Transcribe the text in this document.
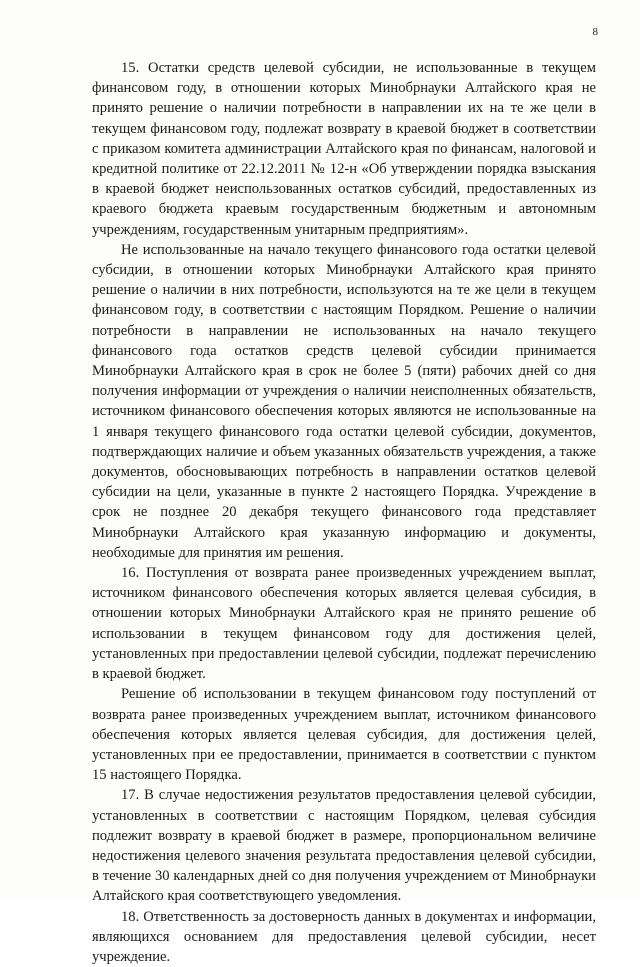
8

15. Остатки средств целевой субсидии, не использованные в текущем финансовом году, в отношении которых Минобрнауки Алтайского края не принято решение о наличии потребности в направлении их на те же цели в текущем финансовом году, подлежат возврату в краевой бюджет в соответствии с приказом комитета администрации Алтайского края по финансам, налоговой и кредитной политике от 22.12.2011 № 12-н «Об утверждении порядка взыскания в краевой бюджет неиспользованных остатков субсидий, предоставленных из краевого бюджета краевым государственным бюджетным и автономным учреждениям, государственным унитарным предприятиям».

Не использованные на начало текущего финансового года остатки целевой субсидии, в отношении которых Минобрнауки Алтайского края принято решение о наличии в них потребности, используются на те же цели в текущем финансовом году, в соответствии с настоящим Порядком. Решение о наличии потребности в направлении не использованных на начало текущего финансового года остатков средств целевой субсидии принимается Минобрнауки Алтайского края в срок не более 5 (пяти) рабочих дней со дня получения информации от учреждения о наличии неисполненных обязательств, источником финансового обеспечения которых являются не использованные на 1 января текущего финансового года остатки целевой субсидии, документов, подтверждающих наличие и объем указанных обязательств учреждения, а также документов, обосновывающих потребность в направлении остатков целевой субсидии на цели, указанные в пункте 2 настоящего Порядка. Учреждение в срок не позднее 20 декабря текущего финансового года представляет Минобрнауки Алтайского края указанную информацию и документы, необходимые для принятия им решения.

16. Поступления от возврата ранее произведенных учреждением выплат, источником финансового обеспечения которых является целевая субсидия, в отношении которых Минобрнауки Алтайского края не принято решение об использовании в текущем финансовом году для достижения целей, установленных при предоставлении целевой субсидии, подлежат перечислению в краевой бюджет.

Решение об использовании в текущем финансовом году поступлений от возврата ранее произведенных учреждением выплат, источником финансового обеспечения которых является целевая субсидия, для достижения целей, установленных при ее предоставлении, принимается в соответствии с пунктом 15 настоящего Порядка.

17. В случае недостижения результатов предоставления целевой субсидии, установленных в соответствии с настоящим Порядком, целевая субсидия подлежит возврату в краевой бюджет в размере, пропорциональном величине недостижения целевого значения результата предоставления целевой субсидии, в течение 30 календарных дней со дня получения учреждением от Минобрнауки Алтайского края соответствующего уведомления.

18. Ответственность за достоверность данных в документах и информации, являющихся основанием для предоставления целевой субсидии, несет учреждение.
